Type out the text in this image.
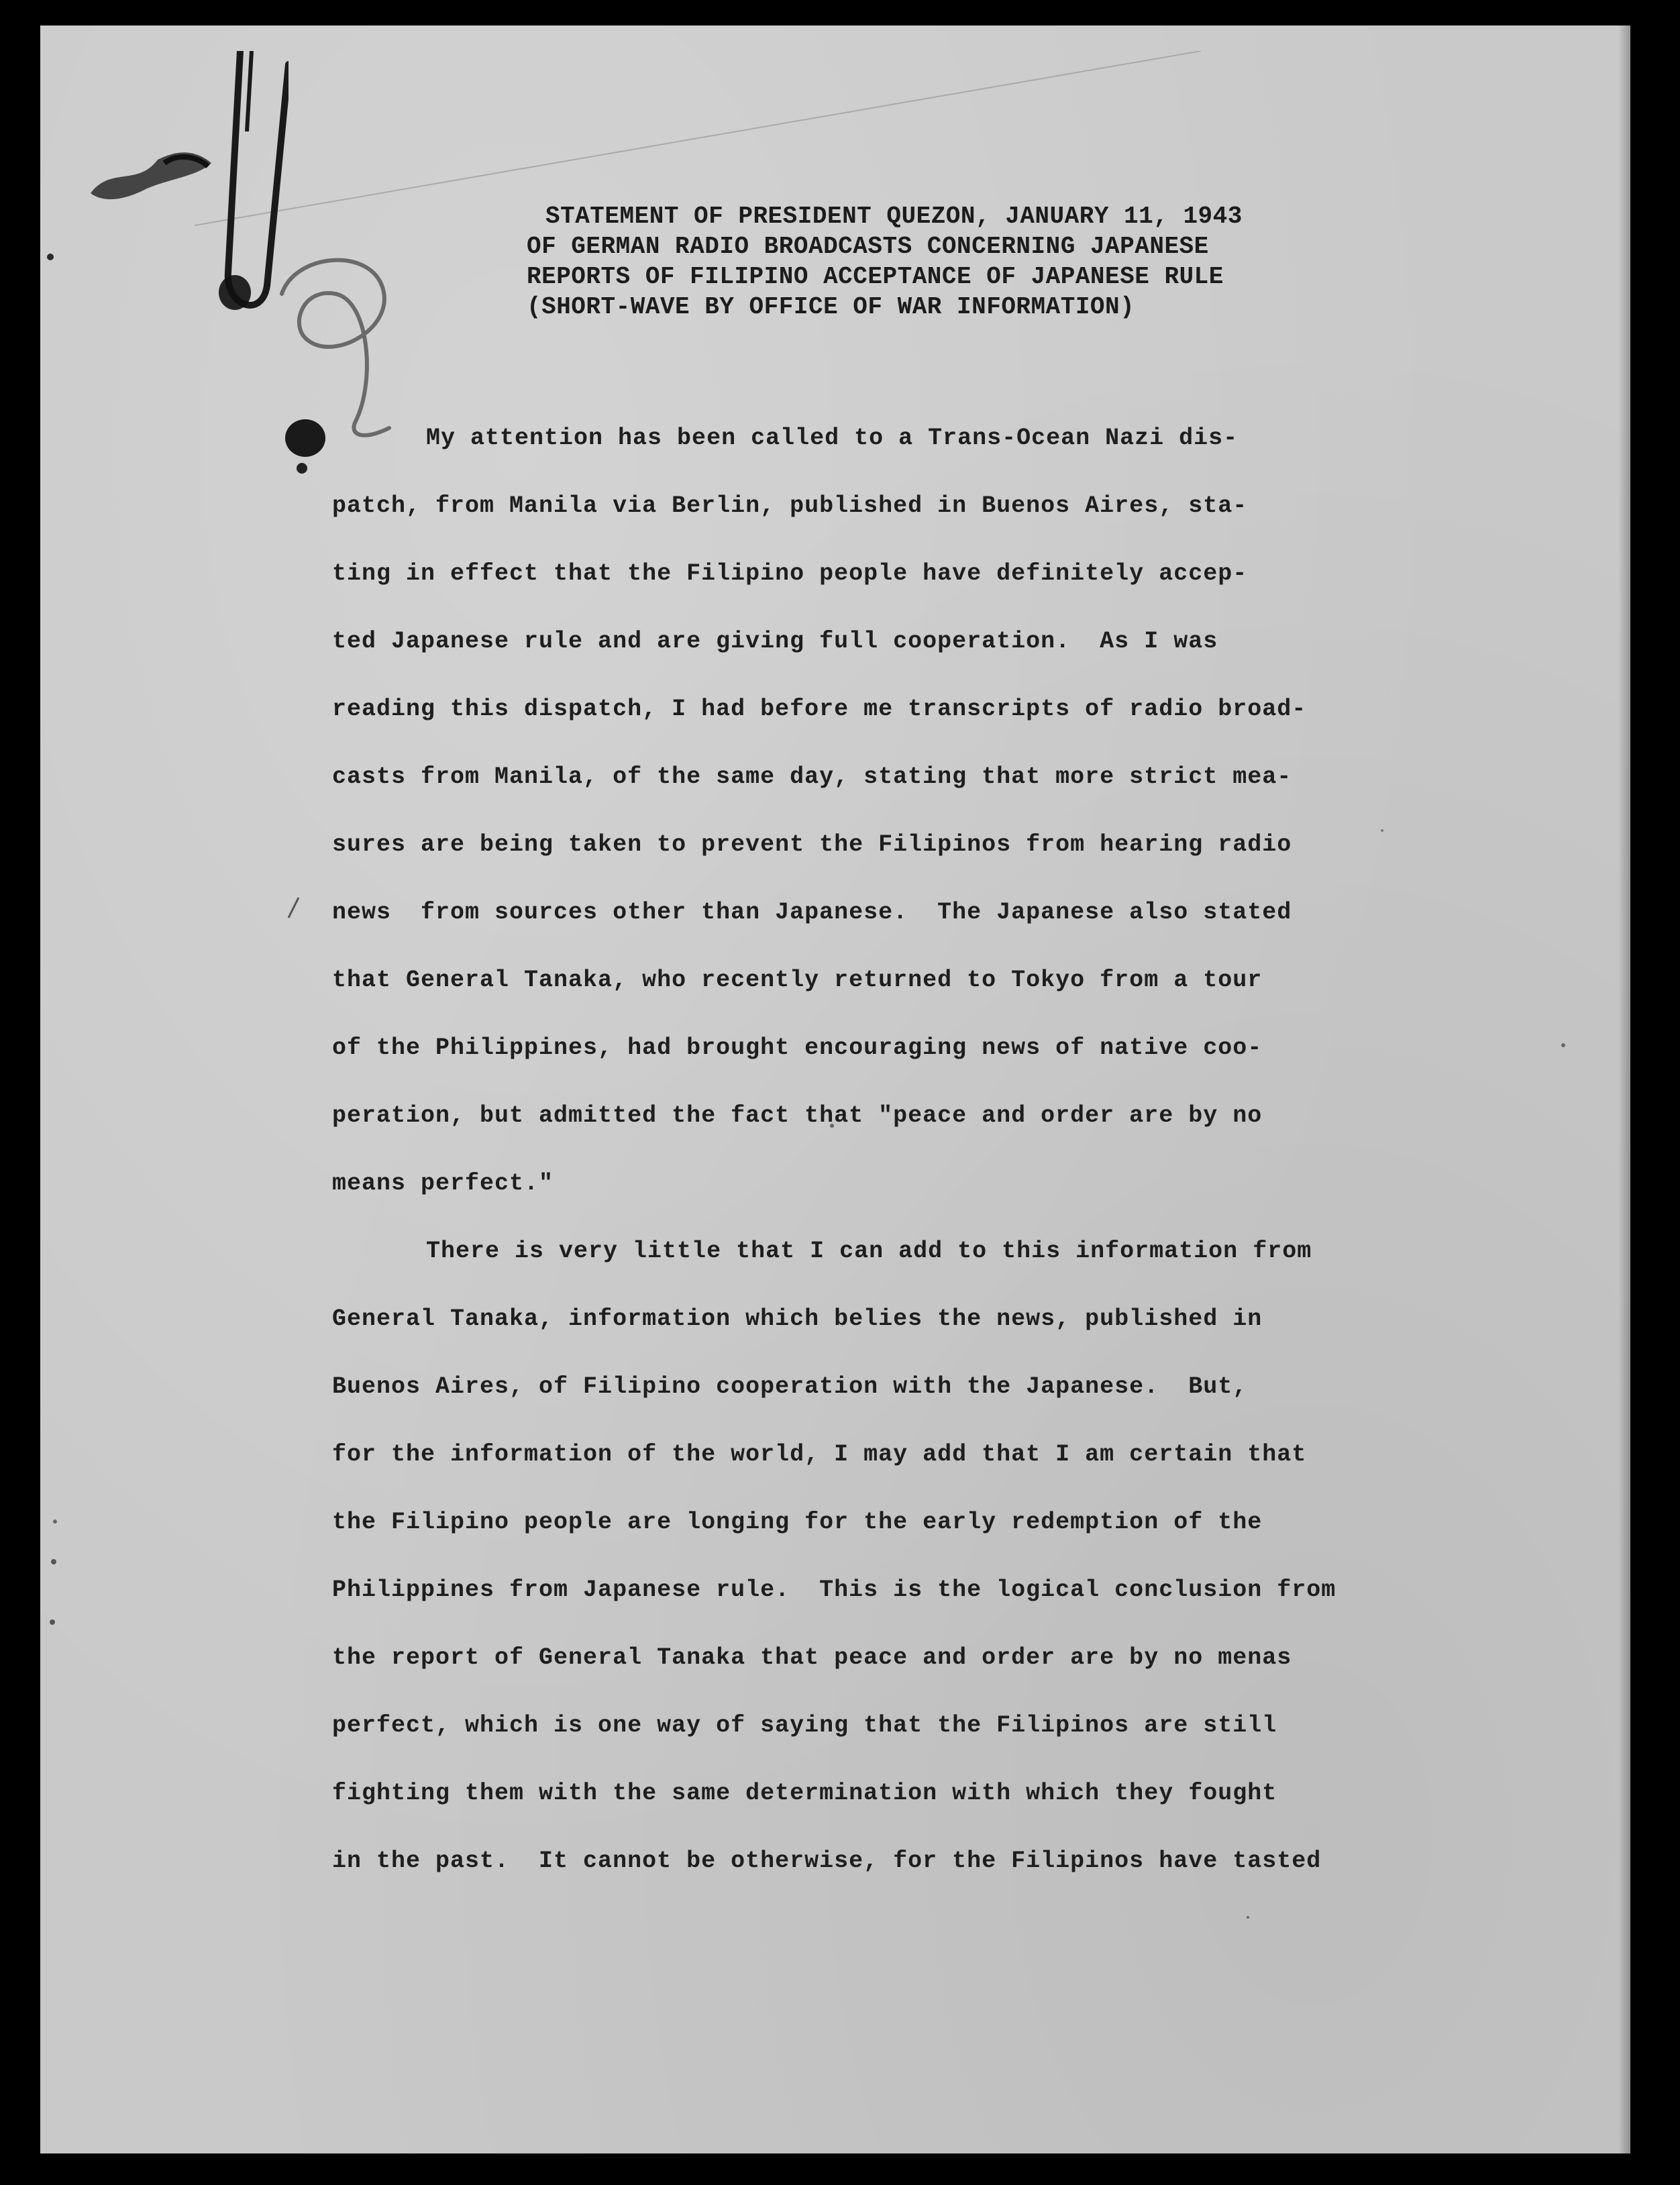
STATEMENT OF PRESIDENT QUEZON, JANUARY 11, 1943
OF GERMAN RADIO BROADCASTS CONCERNING JAPANESE
REPORTS OF FILIPINO ACCEPTANCE OF JAPANESE RULE
(SHORT-WAVE BY OFFICE OF WAR INFORMATION)
My attention has been called to a Trans-Ocean Nazi dis-
patch, from Manila via Berlin, published in Buenos Aires, sta-
ting in effect that the Filipino people have definitely accep-
ted Japanese rule and are giving full cooperation.  As I was
reading this dispatch, I had before me transcripts of radio broad-
casts from Manila, of the same day, stating that more strict mea-
sures are being taken to prevent the Filipinos from hearing radio
news  from sources other than Japanese.  The Japanese also stated
that General Tanaka, who recently returned to Tokyo from a tour
of the Philippines, had brought encouraging news of native coo-
peration, but admitted the fact that "peace and order are by no
means perfect."
There is very little that I can add to this information from
General Tanaka, information which belies the news, published in
Buenos Aires, of Filipino cooperation with the Japanese.  But,
for the information of the world, I may add that I am certain that
the Filipino people are longing for the early redemption of the
Philippines from Japanese rule.  This is the logical conclusion from
the report of General Tanaka that peace and order are by no menas
perfect, which is one way of saying that the Filipinos are still
fighting them with the same determination with which they fought
in the past.  It cannot be otherwise, for the Filipinos have tasted
